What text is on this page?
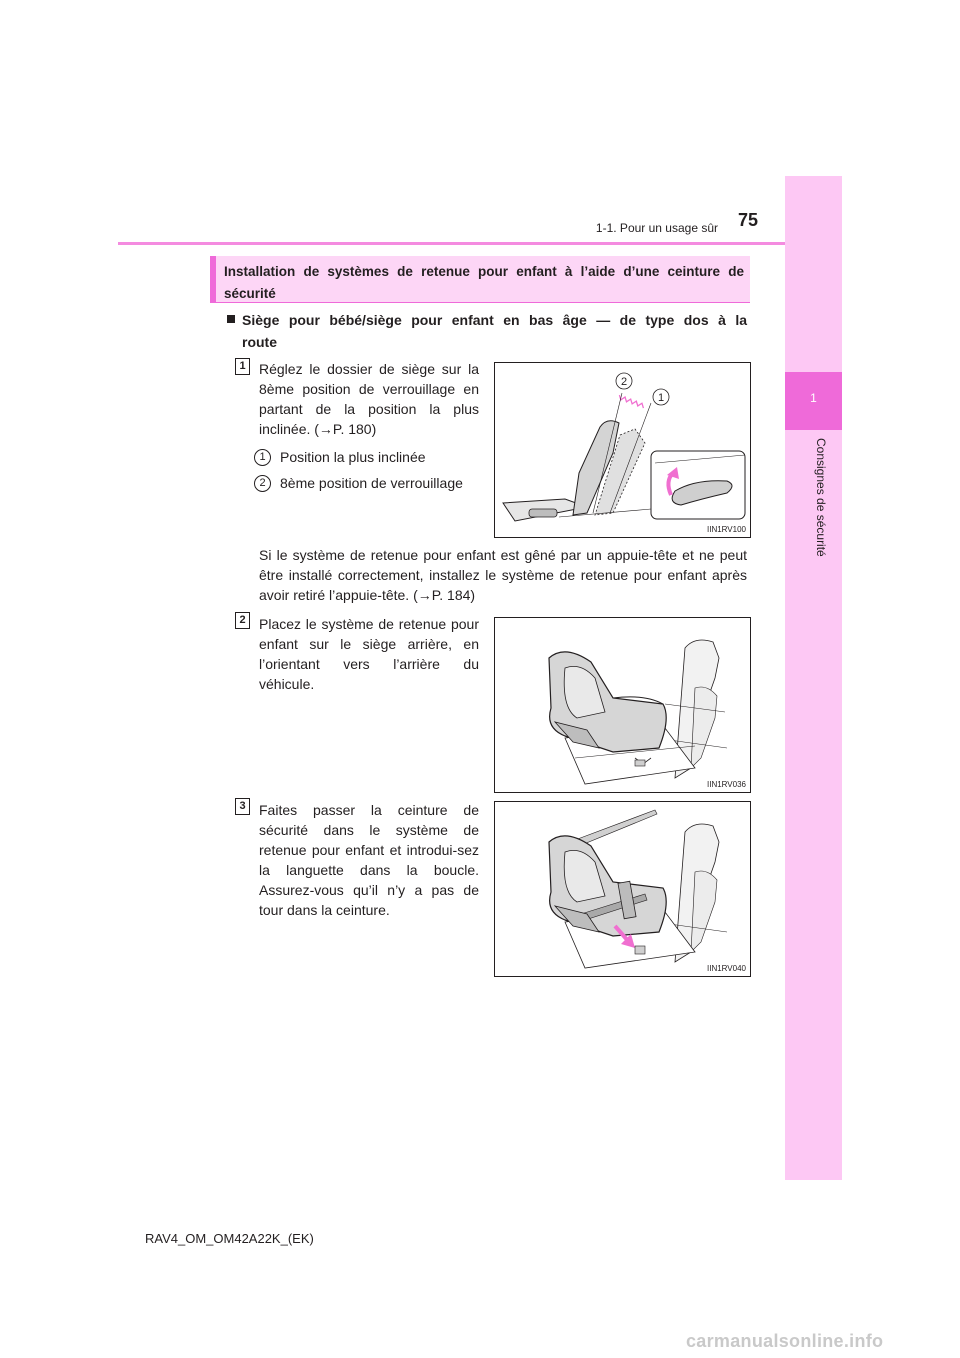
1
Consignes de sécurité
1-1. Pour un usage sûr 75
Installation de systèmes de retenue pour enfant à l’aide d’une ceinture de sécurité
Siège pour bébé/siège pour enfant en bas âge — de type dos à la route
1 Réglez le dossier de siège sur la 8ème position de verrouillage en partant de la position la plus inclinée. (→P. 180)
1	Position la plus inclinée
2	8ème position de verrouillage
2
1
IIN1RV100
Si le système de retenue pour enfant est gêné par un appuie-tête et ne peut être installé correctement, installez le système de retenue pour enfant après avoir retiré l’appuie-tête. (→P. 184)
2 Placez le système de retenue pour enfant sur le siège arrière, en l’orientant vers l’arrière du véhicule.
IIN1RV036
3 Faites passer la ceinture de sécurité dans le système de retenue pour enfant et introdui-sez la languette dans la boucle. Assurez-vous qu’il n’y a pas de tour dans la ceinture.
IIN1RV040
RAV4_OM_OM42A22K_(EK)
carmanualsonline.info
